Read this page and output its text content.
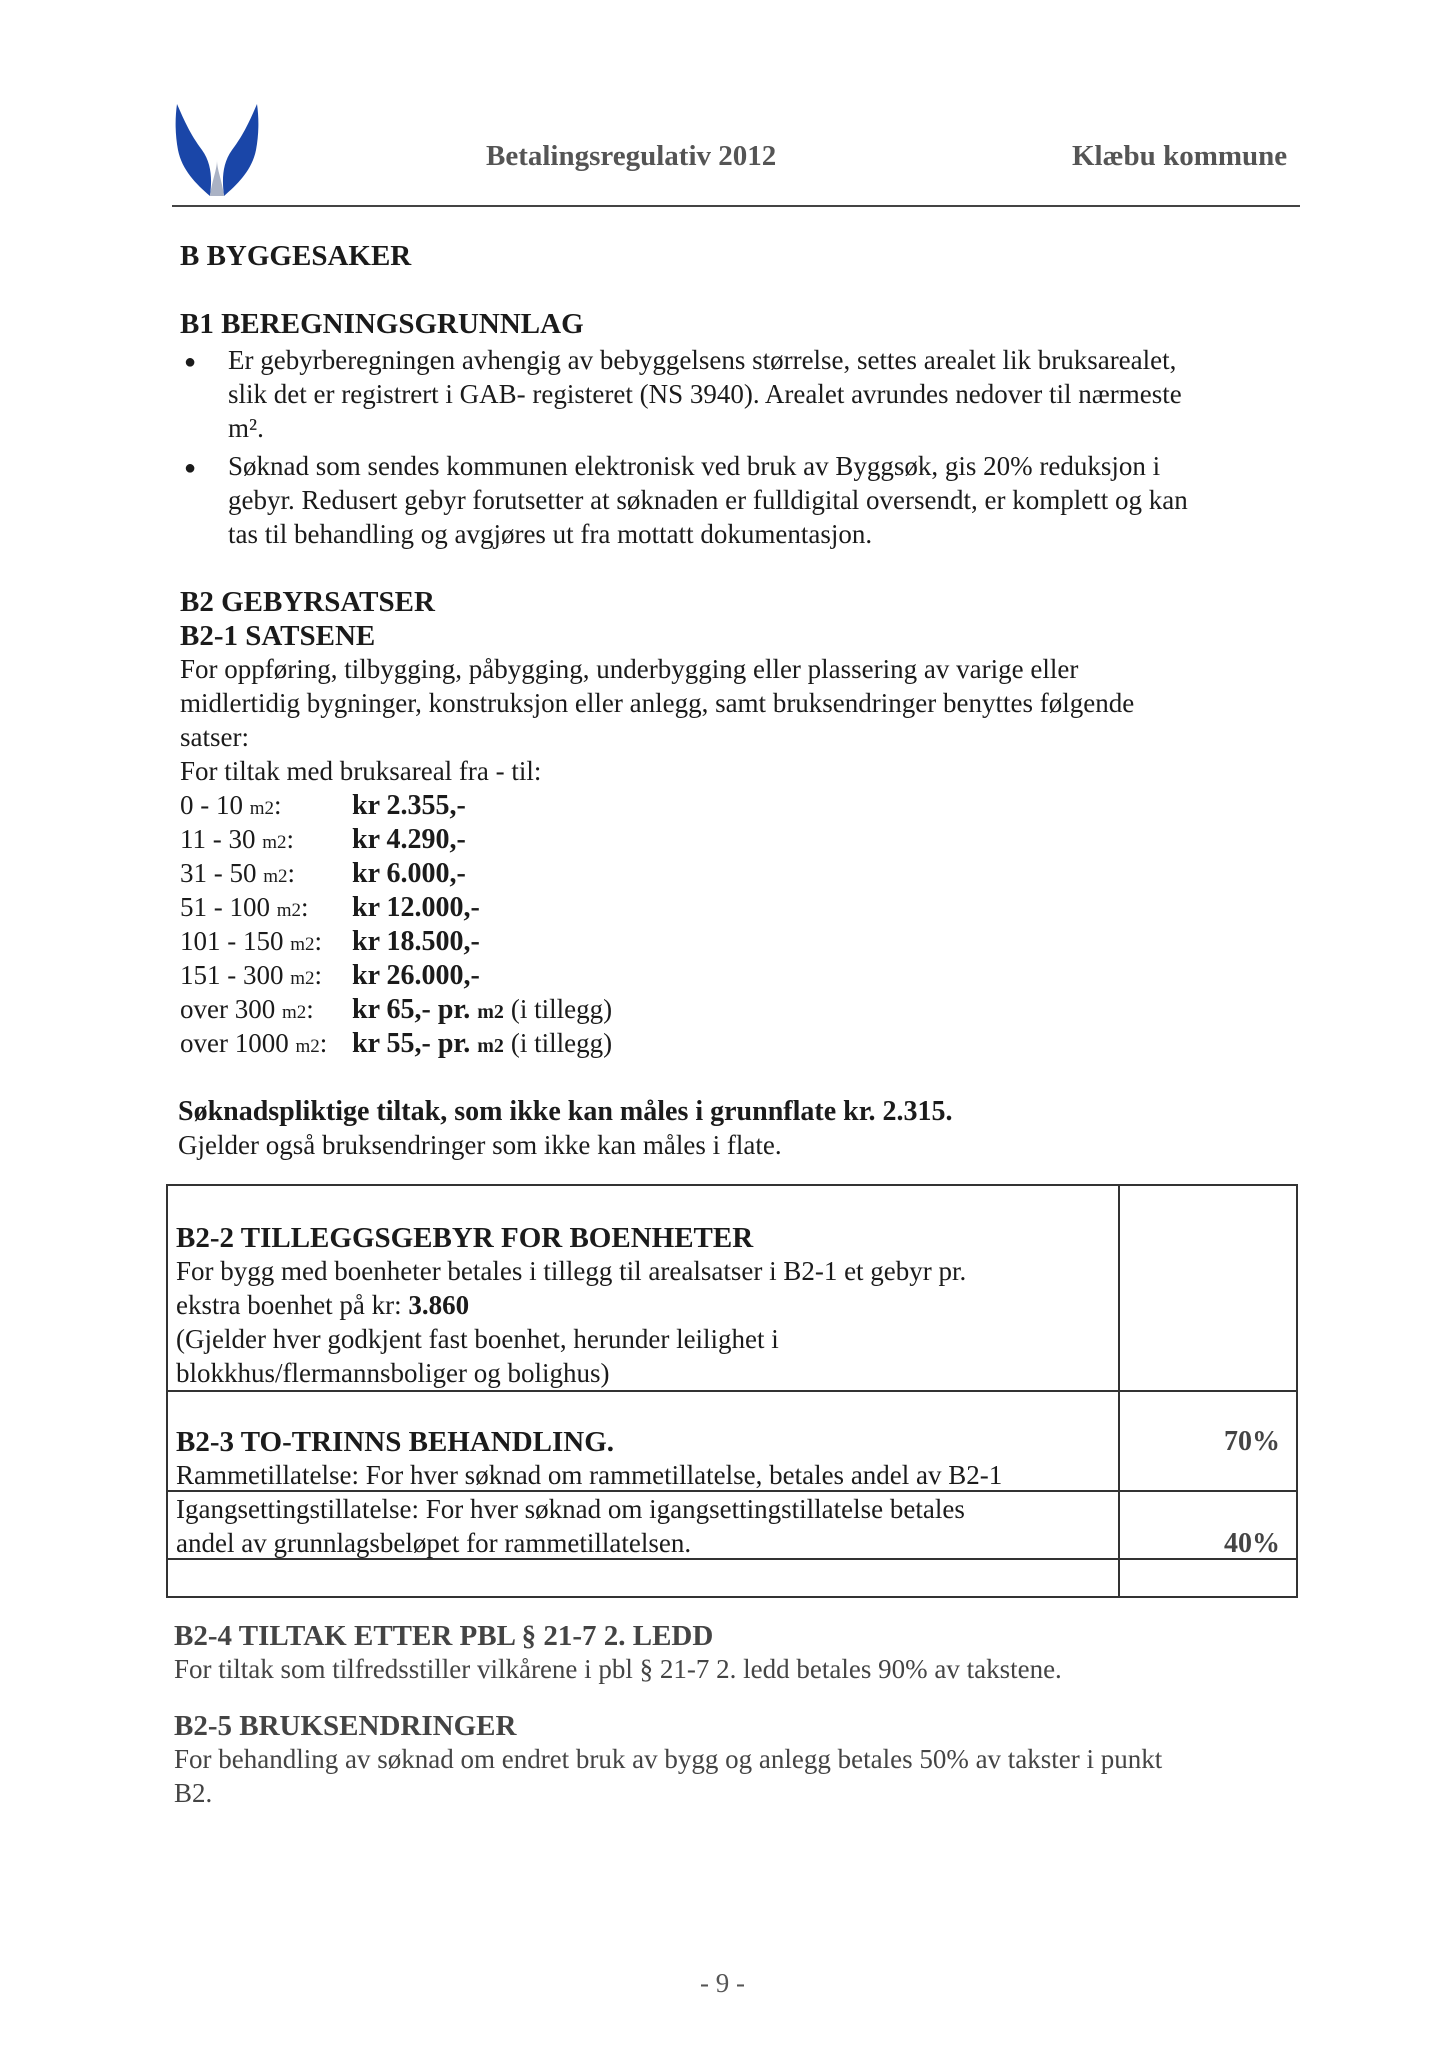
Betalingsregulativ 2012	Klæbu kommune
B BYGGESAKER
B1 BEREGNINGSGRUNNLAG
● Er gebyrberegningen avhengig av bebyggelsens størrelse, settes arealet lik bruksarealet,
slik det er registrert i GAB- registeret (NS 3940). Arealet avrundes nedover til nærmeste
m².
● Søknad som sendes kommunen elektronisk ved bruk av Byggsøk, gis 20% reduksjon i
gebyr. Redusert gebyr forutsetter at søknaden er fulldigital oversendt, er komplett og kan
tas til behandling og avgjøres ut fra mottatt dokumentasjon.
B2 GEBYRSATSER
B2-1 SATSENE
For oppføring, tilbygging, påbygging, underbygging eller plassering av varige eller
midlertidig bygninger, konstruksjon eller anlegg, samt bruksendringer benyttes følgende
satser:
For tiltak med bruksareal fra - til:
0 - 10 m2:	kr 2.355,-
11 - 30 m2: kr 4.290,-
31 - 50 m2: kr 6.000,-
51 - 100 m2: kr 12.000,-
101 - 150 m2: kr 18.500,-
151 - 300 m2: kr 26.000,-
over 300 m2: kr 65,- pr. m2 (i tillegg)
over 1000 m2: kr 55,- pr. m2 (i tillegg)
Søknadspliktige tiltak, som ikke kan måles i grunnflate kr. 2.315.
Gjelder også bruksendringer som ikke kan måles i flate.
B2-2 TILLEGGSGEBYR FOR BOENHETER
For bygg med boenheter betales i tillegg til arealsatser i B2-1 et gebyr pr.
ekstra boenhet på kr: 3.860
(Gjelder hver godkjent fast boenhet, herunder leilighet i
blokkhus/flermannsboliger og bolighus)
B2-3 TO-TRINNS BEHANDLING.	70%
Rammetillatelse: For hver søknad om rammetillatelse, betales andel av B2-1
Igangsettingstillatelse: For hver søknad om igangsettingstillatelse betales
andel av grunnlagsbeløpet for rammetillatelsen.	40%
B2-4 TILTAK ETTER PBL § 21-7 2. LEDD
For tiltak som tilfredsstiller vilkårene i pbl § 21-7 2. ledd betales 90% av takstene.
B2-5 BRUKSENDRINGER
For behandling av søknad om endret bruk av bygg og anlegg betales 50% av takster i punkt
B2.
- 9 -
